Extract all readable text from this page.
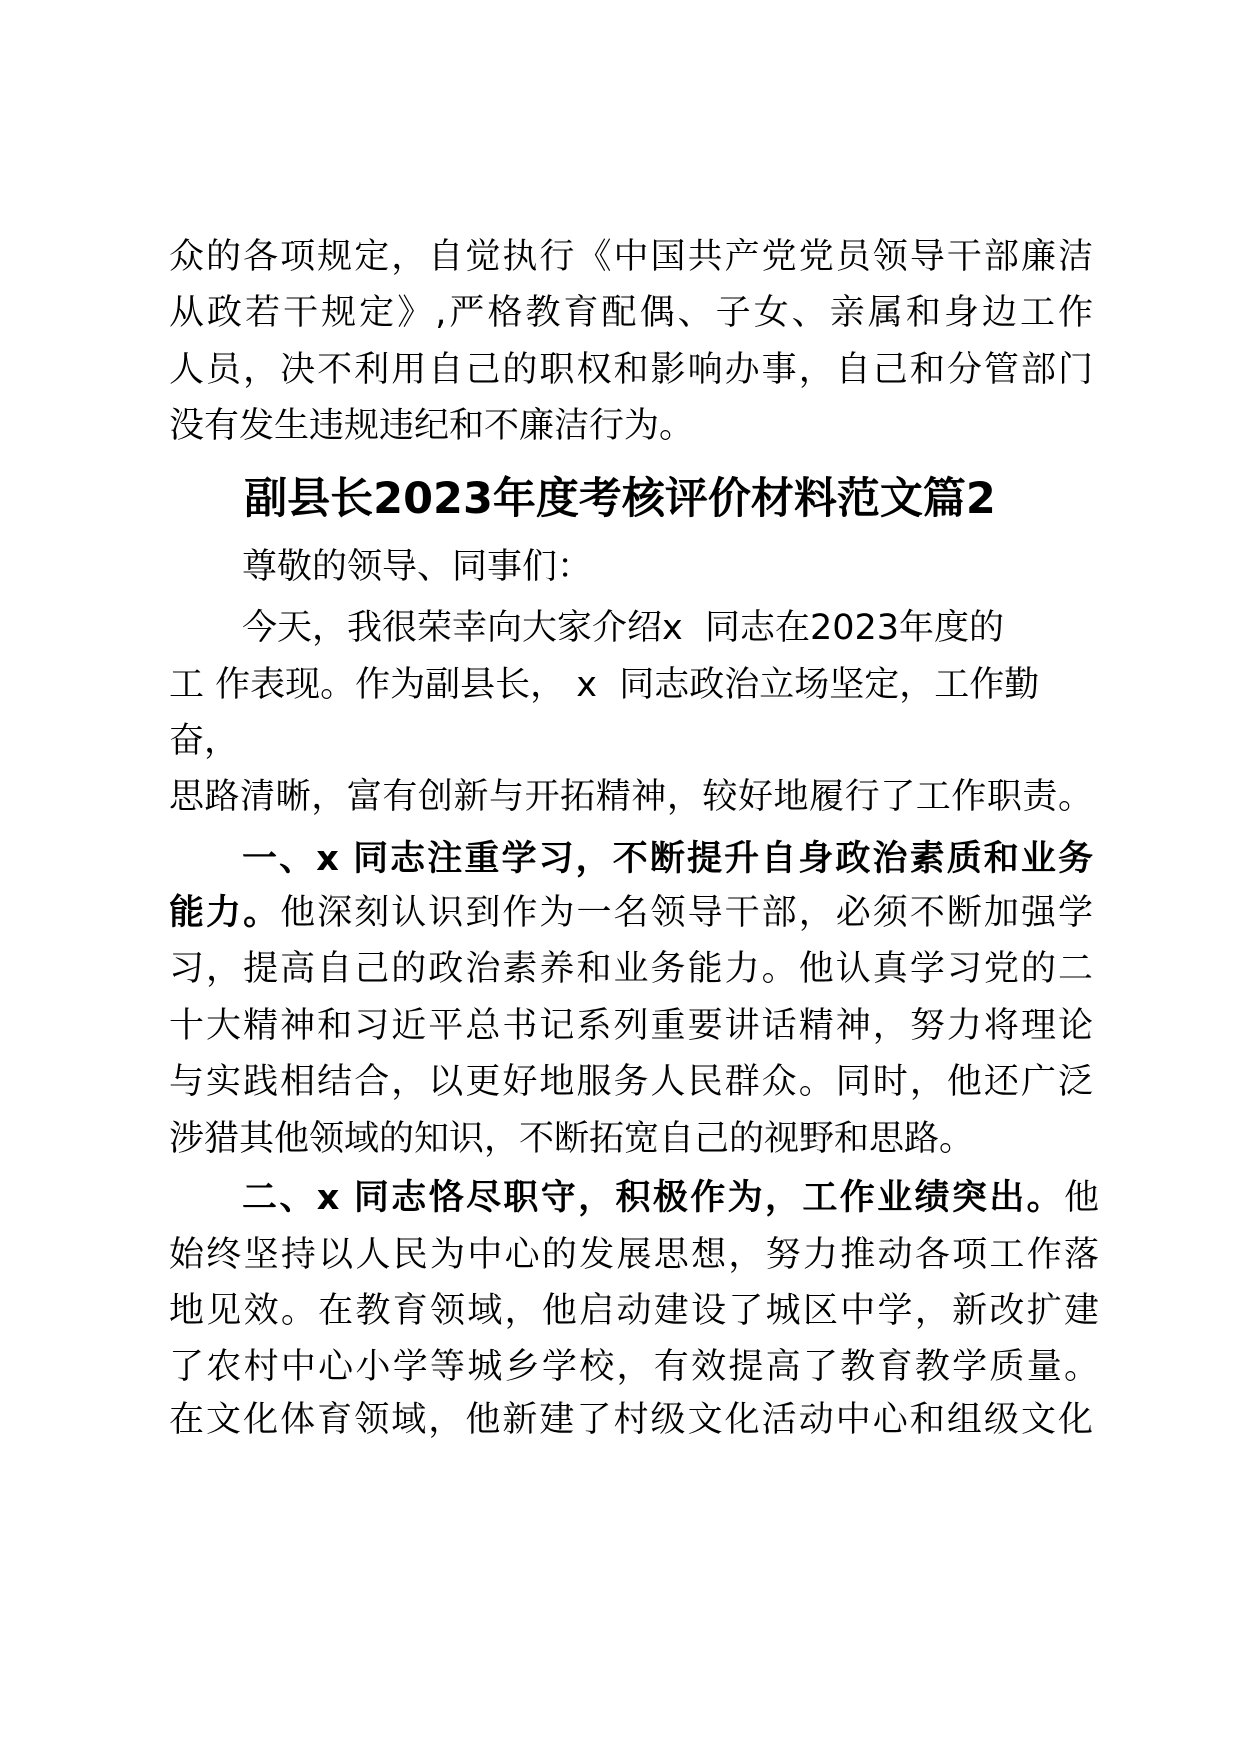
众的各项规定，自觉执行《中国共产党党员领导干部廉洁
从政若干规定》,严格教育配偶、子女、亲属和身边工作
人员，决不利用自己的职权和影响办事，自己和分管部门
没有发生违规违纪和不廉洁行为。
副县长2023年度考核评价材料范文篇2
尊敬的领导、同事们：
今天，我很荣幸向大家介绍x  同志在2023年度的
工 作表现。作为副县长， x  同志政治立场坚定，工作勤
奋，
思路清晰，富有创新与开拓精神，较好地履行了工作职责。
一、x 同志注重学习，不断提升自身政治素质和业务
能力。他深刻认识到作为一名领导干部，必须不断加强学
习，提高自己的政治素养和业务能力。他认真学习党的二
十大精神和习近平总书记系列重要讲话精神，努力将理论
与实践相结合，以更好地服务人民群众。同时，他还广泛
涉猎其他领域的知识，不断拓宽自己的视野和思路。
二、x 同志恪尽职守，积极作为，工作业绩突出。他
始终坚持以人民为中心的发展思想，努力推动各项工作落
地见效。在教育领域，他启动建设了城区中学，新改扩建
了农村中心小学等城乡学校，有效提高了教育教学质量。
在文化体育领域，他新建了村级文化活动中心和组级文化
